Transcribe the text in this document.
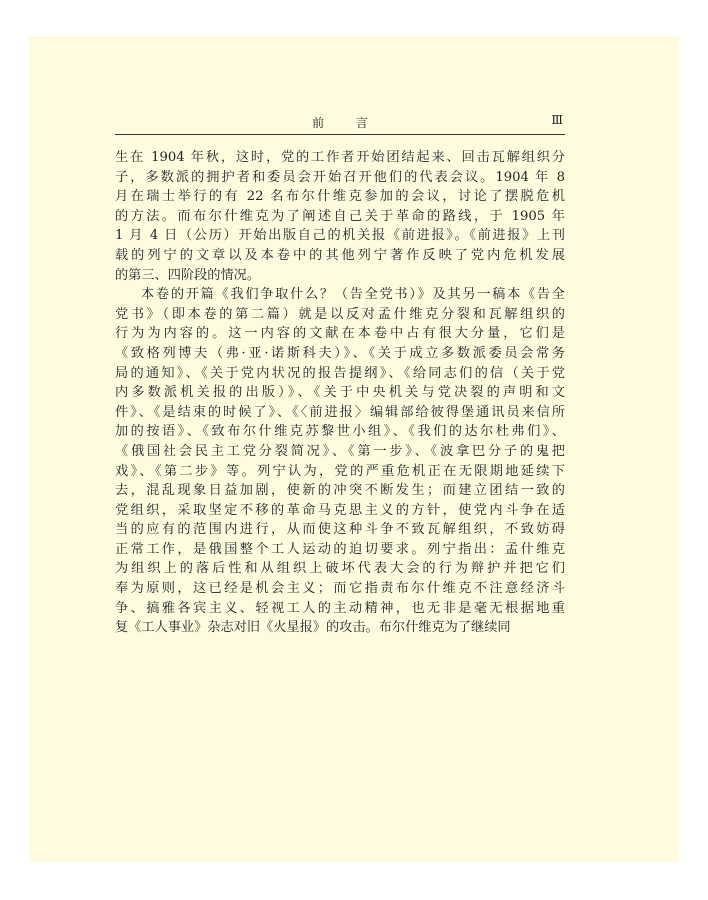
前 言	Ⅲ
生在 1904 年秋，这时，党的工作者开始团结起来、回击瓦解组织分
子，多数派的拥护者和委员会开始召开他们的代表会议。1904 年 8
月在瑞士举行的有 22 名布尔什维克参加的会议，讨论了摆脱危机
的方法。而布尔什维克为了阐述自己关于革命的路线，于 1905 年
1 月 4 日（公历）开始出版自己的机关报《前进报》。《前进报》上刊
载的列宁的文章以及本卷中的其他列宁著作反映了党内危机发展
的第三、四阶段的情况。
本卷的开篇《我们争取什么？（告全党书）》及其另一稿本《告全
党书》（即本卷的第二篇）就是以反对孟什维克分裂和瓦解组织的
行为为内容的。这一内容的文献在本卷中占有很大分量，它们是
《致格列博夫（弗·亚·诺斯科夫）》、《关于成立多数派委员会常务
局的通知》、《关于党内状况的报告提纲》、《给同志们的信（关于党
内多数派机关报的出版）》、《关于中央机关与党决裂的声明和文
件》、《是结束的时候了》、《〈前进报〉编辑部给彼得堡通讯员来信所
加的按语》、《致布尔什维克苏黎世小组》、《我们的达尔杜弗们》、
《俄国社会民主工党分裂简况》、《第一步》、《波拿巴分子的鬼把
戏》、《第二步》等。列宁认为，党的严重危机正在无限期地延续下
去，混乱现象日益加剧，使新的冲突不断发生；而建立团结一致的
党组织，采取坚定不移的革命马克思主义的方针，使党内斗争在适
当的应有的范围内进行，从而使这种斗争不致瓦解组织，不致妨碍
正常工作，是俄国整个工人运动的迫切要求。列宁指出：孟什维克
为组织上的落后性和从组织上破坏代表大会的行为辩护并把它们
奉为原则，这已经是机会主义；而它指责布尔什维克不注意经济斗
争、搞雅各宾主义、轻视工人的主动精神，也无非是毫无根据地重
复《工人事业》杂志对旧《火星报》的攻击。布尔什维克为了继续同
